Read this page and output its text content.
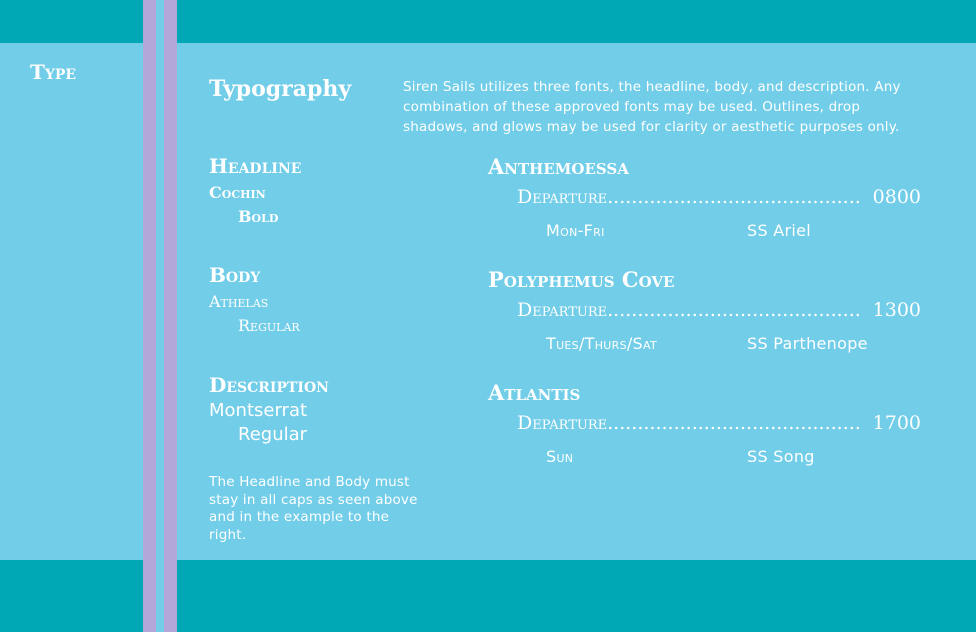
Type
Typography	Siren Sails utilizes three fonts, the headline, body, and description. Any combination of these approved fonts may be used. Outlines, drop shadows, and glows may be used for clarity or aesthetic purposes only.
Headline
Cochin
Bold
Body
Athelas
Regular
Description
Montserrat
Regular
The Headline and Body must stay in all caps as seen above and in the example to the right.
Anthemoessa
Departure .......................................... 0800
Mon-Fri	SS Ariel
Polyphemus Cove
Departure .......................................... 1300
Tues/Thurs/Sat	SS Parthenope
Atlantis
Departure .......................................... 1700
Sun	SS Song
